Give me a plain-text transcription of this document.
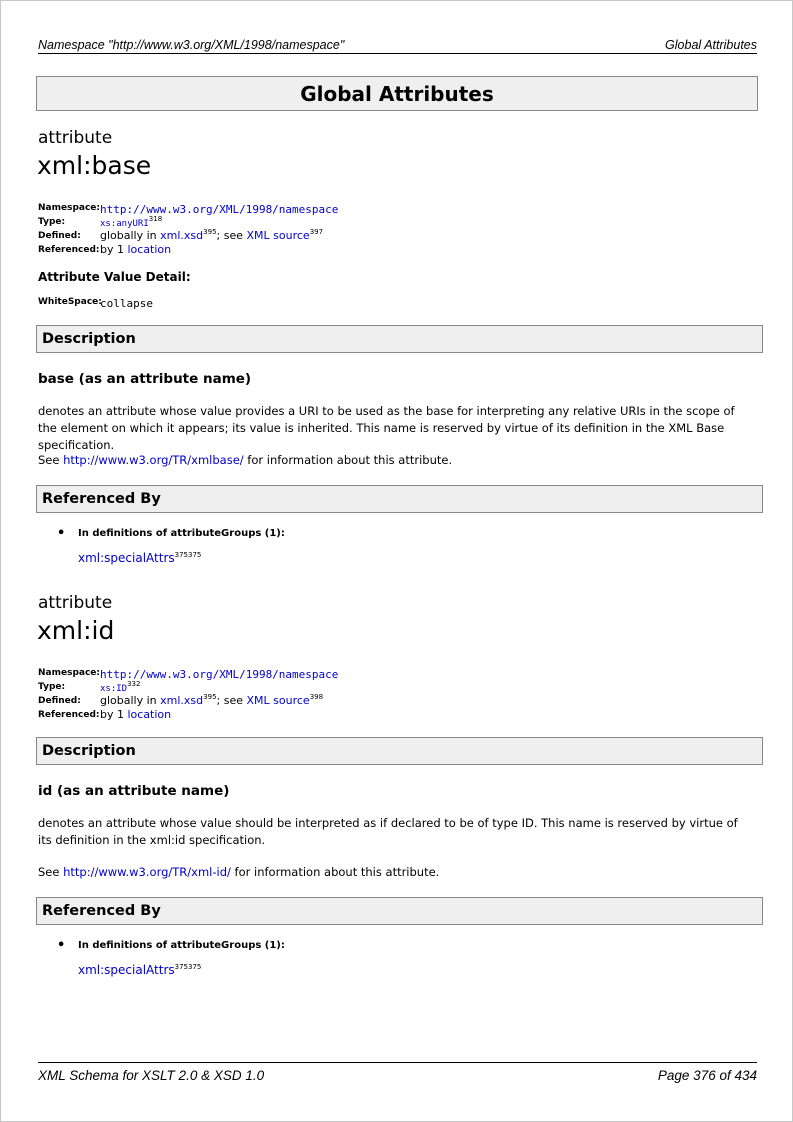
Namespace "http://www.w3.org/XML/1998/namespace"	Global Attributes
Global Attributes
attribute
xml:base
Namespace: http://www.w3.org/XML/1998/namespace
Type:	xs:anyURI$^{318}$
Defined: globally in xml.xsd$^{395}$; see XML source$^{397}$
Referenced: by 1 location
Attribute Value Detail:
WhiteSpace:
collapse
Description
base (as an attribute name)
denotes an attribute whose value provides a URI to be used as the base for interpreting any relative URIs in the scope of the element on which it appears; its value is inherited. This name is reserved by virtue of its definition in the XML Base specification.
See http://www.w3.org/TR/xmlbase/ for information about this attribute.
Referenced By
• In definitions of attributeGroups (1):
xml:specialAttrs$^{375375}$
attribute
xml:id
Namespace: http://www.w3.org/XML/1998/namespace
Type:	xs:ID$^{332}$
Defined: globally in xml.xsd$^{395}$; see XML source$^{398}$
Referenced: by 1 location
Description
id (as an attribute name)
denotes an attribute whose value should be interpreted as if declared to be of type ID. This name is reserved by virtue of its definition in the xml:id specification.
See http://www.w3.org/TR/xml-id/ for information about this attribute.
Referenced By
• In definitions of attributeGroups (1):
xml:specialAttrs$^{375375}$
XML Schema for XSLT 2.0 & XSD 1.0	Page 376 of 434
